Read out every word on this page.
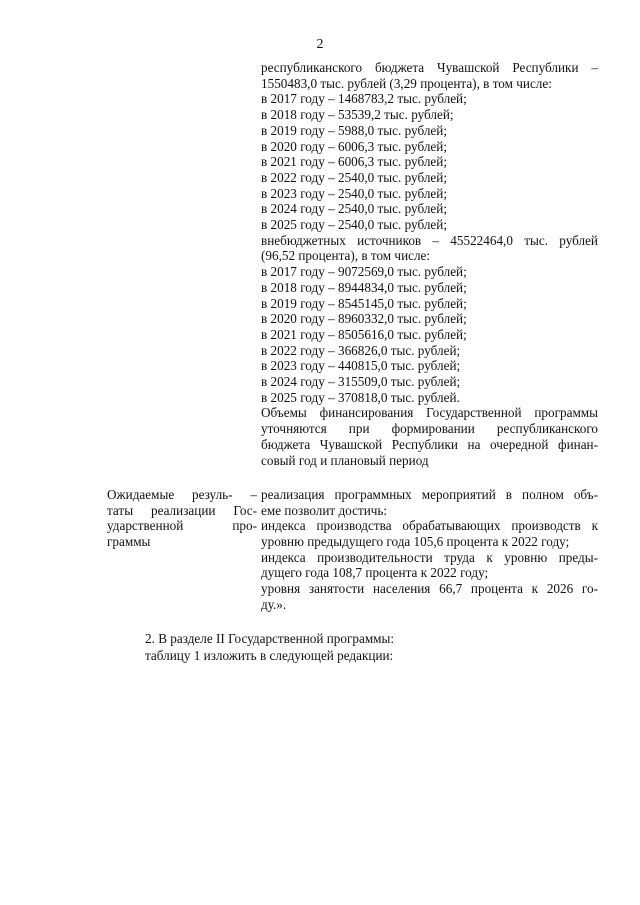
2
республиканского бюджета Чувашской Республики –
1550483,0 тыс. рублей (3,29 процента), в том числе:
в 2017 году – 1468783,2 тыс. рублей;
в 2018 году – 53539,2 тыс. рублей;
в 2019 году – 5988,0 тыс. рублей;
в 2020 году – 6006,3 тыс. рублей;
в 2021 году – 6006,3 тыс. рублей;
в 2022 году – 2540,0 тыс. рублей;
в 2023 году – 2540,0 тыс. рублей;
в 2024 году – 2540,0 тыс. рублей;
в 2025 году – 2540,0 тыс. рублей;
внебюджетных источников – 45522464,0 тыс. рублей
(96,52 процента), в том числе:
в 2017 году – 9072569,0 тыс. рублей;
в 2018 году – 8944834,0 тыс. рублей;
в 2019 году – 8545145,0 тыс. рублей;
в 2020 году – 8960332,0 тыс. рублей;
в 2021 году – 8505616,0 тыс. рублей;
в 2022 году – 366826,0 тыс. рублей;
в 2023 году – 440815,0 тыс. рублей;
в 2024 году – 315509,0 тыс. рублей;
в 2025 году – 370818,0 тыс. рублей.
Объемы финансирования Государственной программы
уточняются при формировании республиканского
бюджета Чувашской Республики на очередной финан-
совый год и плановый период
Ожидаемые резуль- –
таты реализации Гос-
ударственной про-
граммы
реализация программных мероприятий в полном объ-
еме позволит достичь:
индекса производства обрабатывающих производств к
уровню предыдущего года 105,6 процента к 2022 году;
индекса производительности труда к уровню преды-
дущего года 108,7 процента к 2022 году;
уровня занятости населения 66,7 процента к 2026 го-
ду.».
2. В разделе II Государственной программы:
таблицу 1 изложить в следующей редакции:
